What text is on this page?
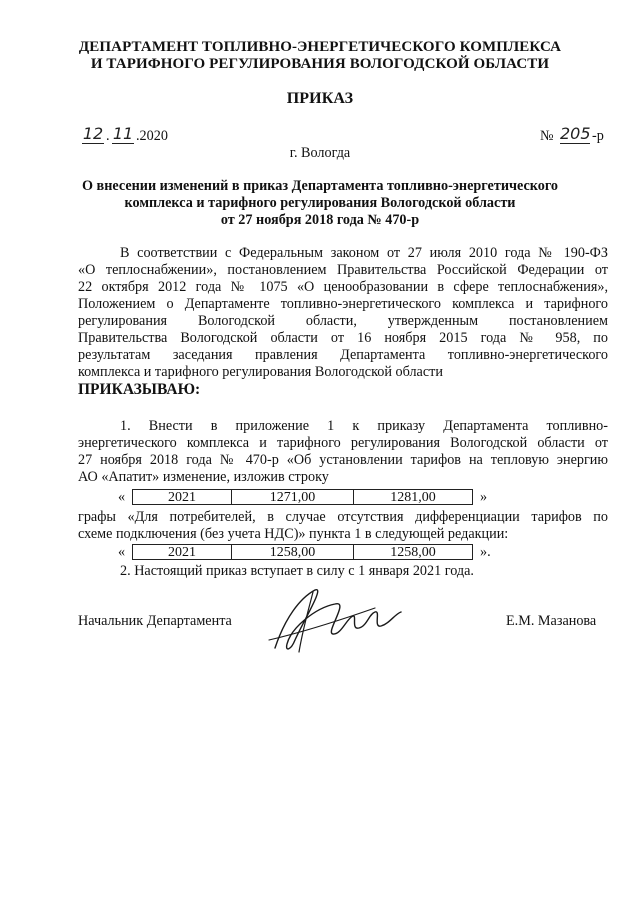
ДЕПАРТАМЕНТ ТОПЛИВНО-ЭНЕРГЕТИЧЕСКОГО КОМПЛЕКСА
И ТАРИФНОГО РЕГУЛИРОВАНИЯ ВОЛОГОДСКОЙ ОБЛАСТИ
ПРИКАЗ
12 . 11 .2020	№ 205 -р
г. Вологда
О внесении изменений в приказ Департамента топливно-энергетического
комплекса и тарифного регулирования Вологодской области
от 27 ноября 2018 года № 470-р
В соответствии с Федеральным законом от 27 июля 2010 года № 190-ФЗ
«О теплоснабжении», постановлением Правительства Российской Федерации от
22 октября 2012 года № 1075 «О ценообразовании в сфере теплоснабжения»,
Положением о Департаменте топливно-энергетического комплекса и тарифного
регулирования Вологодской области, утвержденным постановлением
Правительства Вологодской области от 16 ноября 2015 года № 958, по
результатам заседания правления Департамента топливно-энергетического
комплекса и тарифного регулирования Вологодской области
ПРИКАЗЫВАЮ:
1. Внести в приложение 1 к приказу Департамента топливно-
энергетического комплекса и тарифного регулирования Вологодской области от
27 ноября 2018 года № 470-р «Об установлении тарифов на тепловую энергию
АО «Апатит» изменение, изложив строку
«	2021	1271,00	1281,00	»
графы «Для потребителей, в случае отсутствия дифференциации тарифов по
схеме подключения (без учета НДС)» пункта 1 в следующей редакции:
«	2021	1258,00	1258,00	».
2. Настоящий приказ вступает в силу с 1 января 2021 года.
Начальник Департамента	Е.М. Мазанова
